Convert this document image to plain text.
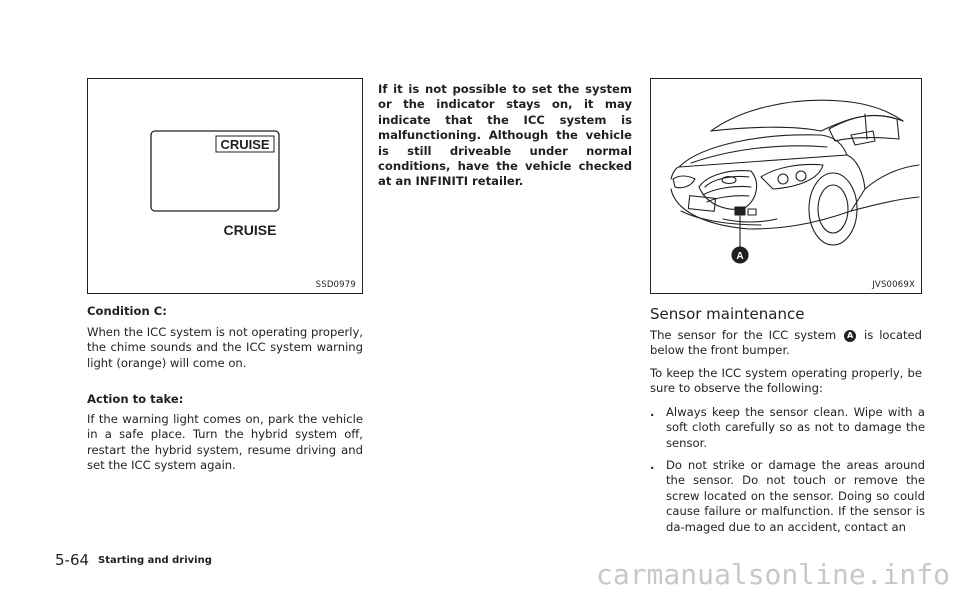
CRUISE
CRUISE
SSD0979

Condition C:

When the ICC system is not operating properly, the chime sounds and the ICC system warning light (orange) will come on.

Action to take:

If the warning light comes on, park the vehicle in a safe place. Turn the hybrid system off, restart the hybrid system, resume driving and set the ICC system again.

If it is not possible to set the system or the indicator stays on, it may indicate that the ICC system is malfunctioning. Although the vehicle is still driveable under normal conditions, have the vehicle checked at an INFINITI retailer.

A
JVS0069X
Sensor maintenance

The sensor for the ICC system A is located below the front bumper.

To keep the ICC system operating properly, be sure to observe the following:

. Always keep the sensor clean. Wipe with a soft cloth carefully so as not to damage the sensor.
. Do not strike or damage the areas around the sensor. Do not touch or remove the screw located on the sensor. Doing so could cause failure or malfunction. If the sensor is da-maged due to an accident, contact an
5-64 Starting and driving	carmanualsonline.info
